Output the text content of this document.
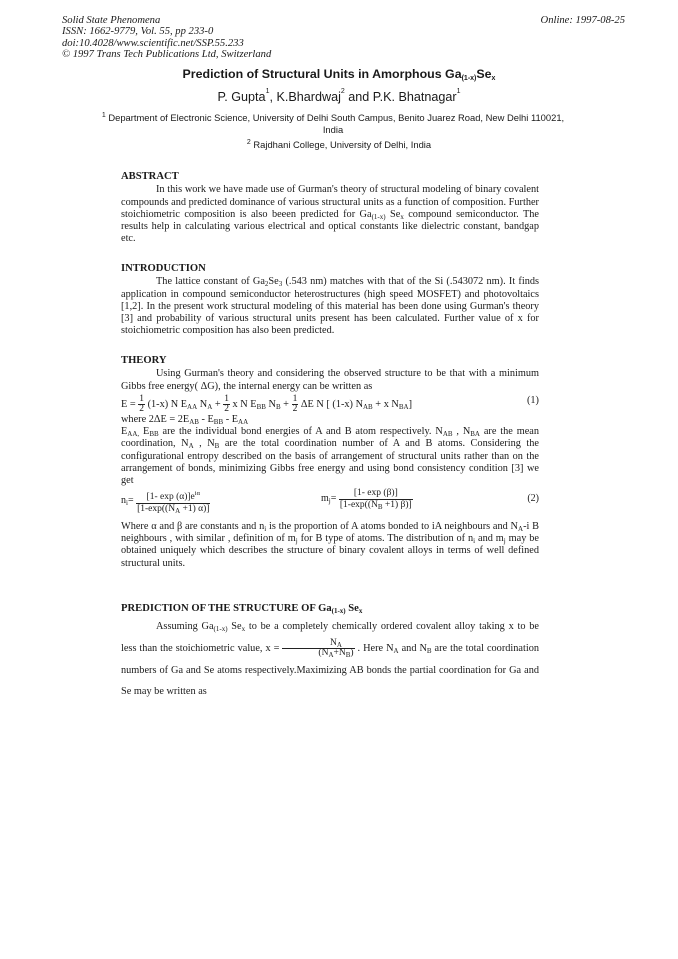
Solid State Phenomena
ISSN: 1662-9779, Vol. 55, pp 233-0
doi:10.4028/www.scientific.net/SSP.55.233
© 1997 Trans Tech Publications Ltd, Switzerland
Online: 1997-08-25
Prediction of Structural Units in Amorphous $Ga_{(1-x)}Se_x$
P. Gupta$^1$, K.Bhardwaj$^2$ and P.K. Bhatnagar$^1$
$^1$ Department of Electronic Science, University of Delhi South Campus, Benito Juarez Road, New Delhi 110021, India
$^2$ Rajdhani College, University of Delhi, India
ABSTRACT

In this work we have made use of Gurman's theory of structural modeling of binary covalent compounds and predicted dominance of various structural units as a function of composition. Further stoichiometric composition is also beeen predicted for $Ga_{(1-x)}$ $Se_x$ compound semiconductor. The results help in calculating various electrical and optical constants like dielectric constant, bandgap etc.

INTRODUCTION

The lattice constant of $Ga_2Se_3$ (.543 nm) matches with that of the Si (.543072 nm). It finds application in compound semiconductor heterostructures (high speed MOSFET) and photovoltaics [1,2]. In the present work structural modeling of this material has been done using Gurman's theory [3] and probability of various structural units present has been calculated. Further value of x for stoichiometric composition has also been predicted.

THEORY

Using Gurman's theory and considering the observed structure to be that with a minimum Gibbs free energy( ΔG), the internal energy can be written as

$E = \frac{1}{2} (1-x)$ N $E_{AA}$ $N_A + \frac{1}{2}$ x N $E_{BB}$ $N_B + \frac{1}{2}$ ΔE N [ (1-x) $N_{AB} + x$ $N_{BA}$]	(1)

where $2\Delta E = 2E_{AB} - E_{BB} - E_{AA}$

$E_{AA,}$ $E_{BB}$ are the individual bond energies of A and B atom respectively. $N_{AB}$ , $N_{BA}$ are the mean coordination, $N_A$ , $N_B$ are the total coordination number of A and B atoms. Considering the configurational entropy described on the basis of arrangement of structural units rather than on the arrangement of bonds, minimizing Gibbs free energy and using bond consistency condition [3] we get

$n_i$ =
$\frac{[1- \exp (\alpha)]e^{i\alpha}}{[1-\exp((N_A +1) \alpha)]}$	$m_j$ =
$\frac{[1- \exp (\beta)]}{[1-\exp((N_B +1) \beta)]}$	(2)

Where α and β are constants and $n_i$ is the proportion of A atoms bonded to iA neighbours and $N_A-i$ B neighbours , with similar , definition of $m_j$ for B type of atoms. The distribution of $n_i$ and $m_j$ may be obtained uniquely which describes the structure of binary covalent alloys in terms of well defined structural units.

PREDICTION OF THE STRUCTURE OF $Ga_{(1-x)}$ $Se_x$

Assuming $Ga_{(1-x)}$ $Se_x$ to be a completely chemically ordered covalent alloy taking x to be less than the stoichiometric value, $x = \frac{N_A}{(N_A+N_B)}$ . Here $N_A$ and $N_B$ are the total coordination numbers of Ga and Se atoms respectively.Maximizing AB bonds the partial coordination for Ga and Se may be written as
